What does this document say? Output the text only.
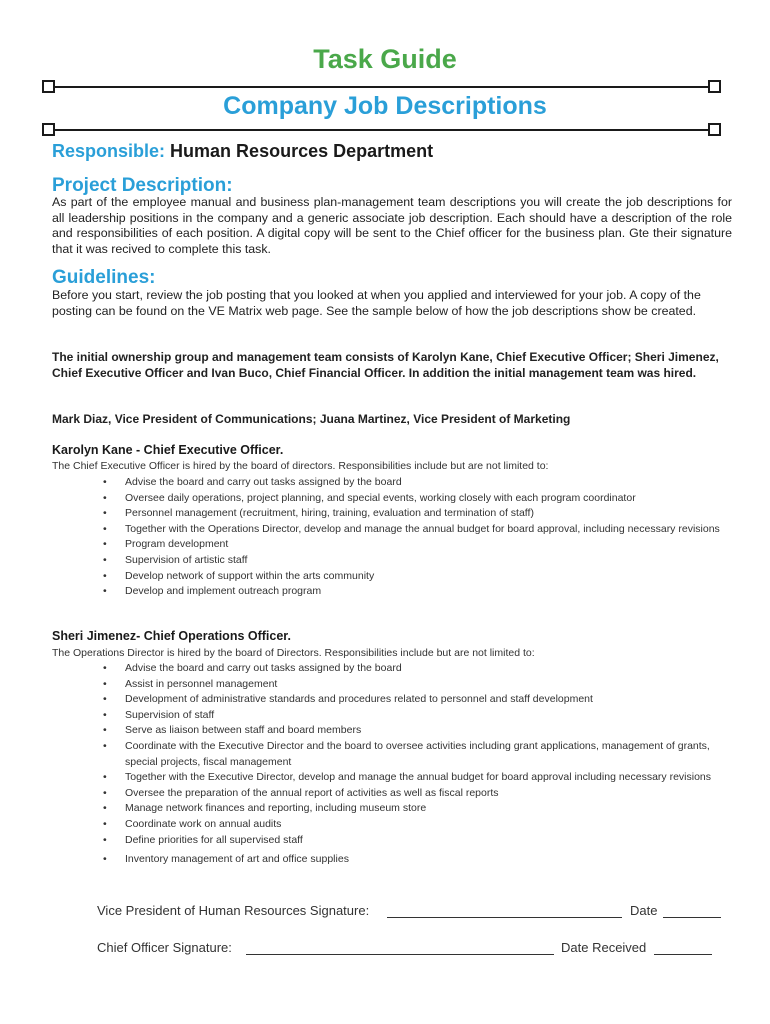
Task Guide
Company Job Descriptions
Responsible: Human Resources Department
Project Description:
As part of the employee manual and business plan-management team descriptions you will create the job descriptions for all leadership positions in the company and a generic associate job description. Each should have a description of the role and responsibilities of each position. A digital copy will be sent to the Chief officer for the business plan. Gte their signature that it was recived to complete this task.
Guidelines:
Before you start, review the job posting that you looked at when you applied and interviewed for your job. A copy of the posting can be found on the VE Matrix web page. See the sample below of how the job descriptions show be created.
The initial ownership group and management team consists of Karolyn Kane, Chief Executive Officer; Sheri Jimenez, Chief Executive Officer and Ivan Buco, Chief Financial Officer. In addition the initial management team was hired.
Mark Diaz, Vice President of Communications; Juana Martinez, Vice President of Marketing
Karolyn Kane - Chief Executive Officer.
The Chief Executive Officer is hired by the board of directors. Responsibilities include but are not limited to:
• Advise the board and carry out tasks assigned by the board
• Oversee daily operations, project planning, and special events, working closely with each program coordinator
• Personnel management (recruitment, hiring, training, evaluation and termination of staff)
• Together with the Operations Director, develop and manage the annual budget for board approval, including necessary revisions
• Program development
• Supervision of artistic staff
• Develop network of support within the arts community
• Develop and implement outreach program
Sheri Jimenez- Chief Operations Officer.
The Operations Director is hired by the board of Directors. Responsibilities include but are not limited to:
• Advise the board and carry out tasks assigned by the board
• Assist in personnel management
• Development of administrative standards and procedures related to personnel and staff development
• Supervision of staff
• Serve as liaison between staff and board members
• Coordinate with the Executive Director and the board to oversee activities including grant applications, management of grants, special projects, fiscal management
• Together with the Executive Director, develop and manage the annual budget for board approval including necessary revisions
• Oversee the preparation of the annual report of activities as well as fiscal reports
• Manage network finances and reporting, including museum store
• Coordinate work on annual audits
• Define priorities for all supervised staff
• Inventory management of art and office supplies
Vice President of Human Resources Signature:	Date
Chief Officer Signature:	Date Received
